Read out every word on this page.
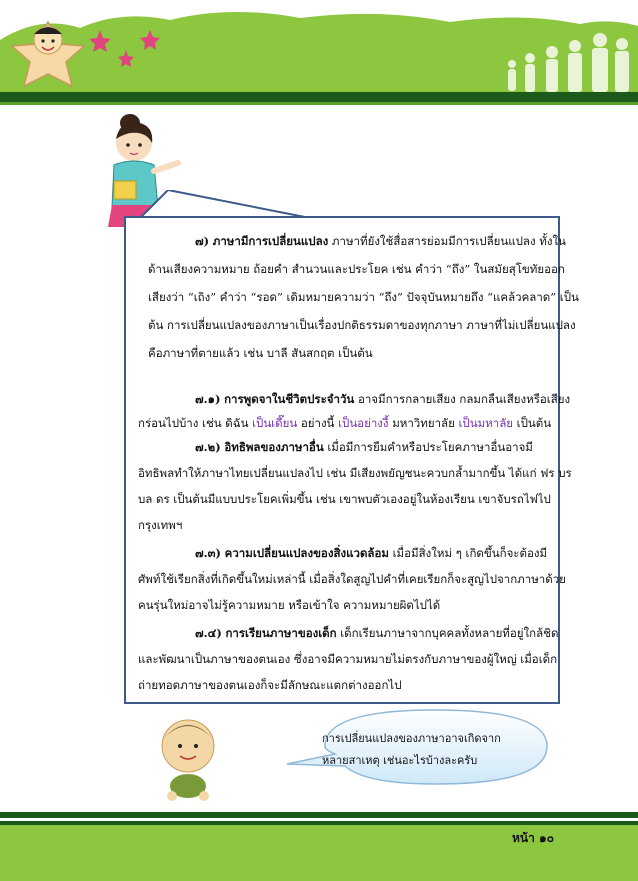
๗) ภาษามีการเปลี่ยนแปลง ภาษาที่ยังใช้สื่อสารย่อมมีการเปลี่ยนแปลง ทั้งใน
ด้านเสียงความหมาย ถ้อยคำ สำนวนและประโยค เช่น คำว่า “ถึง” ในสมัยสุโขทัยออก
เสียงว่า “เถิง” คำว่า “รอด” เดิมหมายความว่า “ถึง” ปัจจุบันหมายถึง “แคล้วคลาด” เป็น
ต้น การเปลี่ยนแปลงของภาษาเป็นเรื่องปกติธรรมดาของทุกภาษา ภาษาที่ไม่เปลี่ยนแปลง
คือภาษาที่ตายแล้ว เช่น บาลี สันสกฤต เป็นต้น
๗.๑) การพูดจาในชีวิตประจำวัน อาจมีการกลายเสียง กลมกลืนเสียงหรือเสียง
กร่อนไปบ้าง เช่น ดิฉัน เป็นเดี๊ยน อย่างนี้ เป็นอย่างงี้ มหาวิทยาลัย เป็นมหาลัย เป็นต้น
๗.๒) อิทธิพลของภาษาอื่น เมื่อมีการยืมคำหรือประโยคภาษาอื่นอาจมี
อิทธิพลทำให้ภาษาไทยเปลี่ยนแปลงไป เช่น มีเสียงพยัญชนะควบกล้ำมากขึ้น ได้แก่ ฟร บร
บล ดร เป็นต้นมีแบบประโยคเพิ่มขึ้น เช่น เขาพบตัวเองอยู่ในห้องเรียน เขาจับรถไฟไป
กรุงเทพฯ
๗.๓) ความเปลี่ยนแปลงของสิ่งแวดล้อม เมื่อมีสิ่งใหม่ ๆ เกิดขึ้นก็จะต้องมี
ศัพท์ใช้เรียกสิ่งที่เกิดขึ้นใหม่เหล่านี้ เมื่อสิ่งใดสูญไปคำที่เคยเรียกก็จะสูญไปจากภาษาด้วย
คนรุ่นใหม่อาจไม่รู้ความหมาย หรือเข้าใจ ความหมายผิดไปได้
๗.๔) การเรียนภาษาของเด็ก เด็กเรียนภาษาจากบุคคลทั้งหลายที่อยู่ใกล้ชิด
และพัฒนาเป็นภาษาของตนเอง ซึ่งอาจมีความหมายไม่ตรงกับภาษาของผู้ใหญ่ เมื่อเด็ก
ถ่ายทอดภาษาของตนเองก็จะมีลักษณะแตกต่างออกไป
การเปลี่ยนแปลงของภาษาอาจเกิดจาก
หลายสาเหตุ เช่นอะไรบ้างละครับ
หน้า ๑๐
